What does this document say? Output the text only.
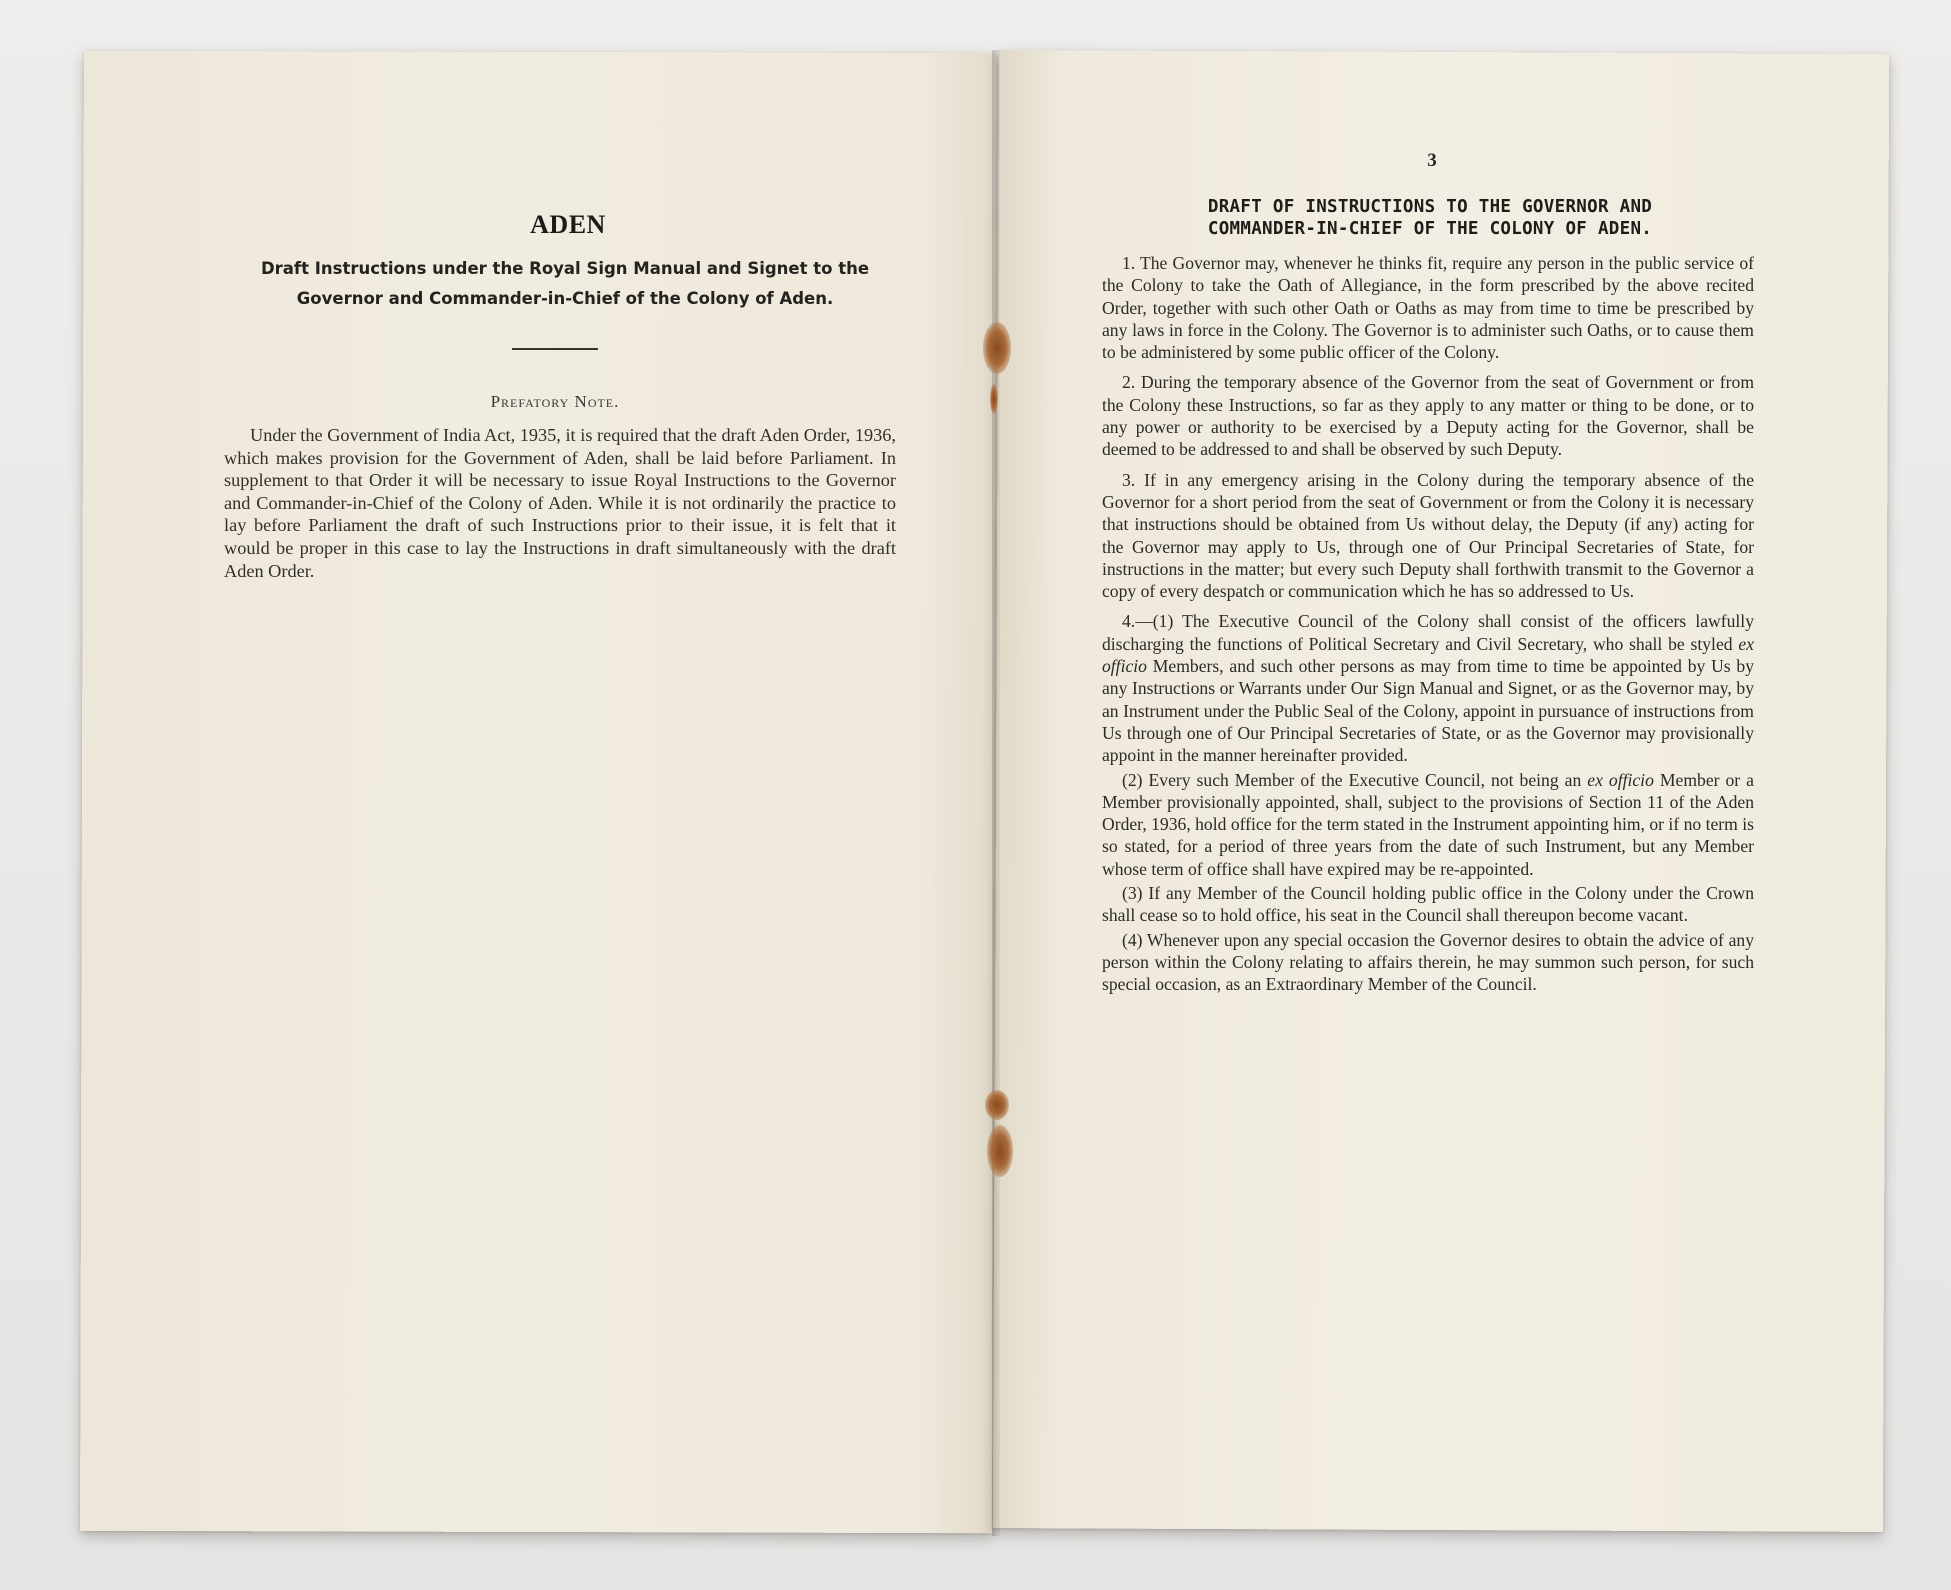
ADEN
Draft Instructions under the Royal Sign Manual and Signet to the
Governor and Commander-in-Chief of the Colony of Aden.
Prefatory Note.
Under the Government of India Act, 1935, it is required that the draft Aden Order, 1936, which makes provision for the Government of Aden, shall be laid before Parliament. In supplement to that Order it will be necessary to issue Royal Instructions to the Governor and Commander-in-Chief of the Colony of Aden. While it is not ordinarily the practice to lay before Parliament the draft of such Instructions prior to their issue, it is felt that it would be proper in this case to lay the Instructions in draft simultaneously with the draft Aden Order.
3
DRAFT OF INSTRUCTIONS TO THE GOVERNOR AND
COMMANDER-IN-CHIEF OF THE COLONY OF ADEN.

1. The Governor may, whenever he thinks fit, require any person in the public service of the Colony to take the Oath of Allegiance, in the form prescribed by the above recited Order, together with such other Oath or Oaths as may from time to time be prescribed by any laws in force in the Colony. The Governor is to administer such Oaths, or to cause them to be administered by some public officer of the Colony.

2. During the temporary absence of the Governor from the seat of Government or from the Colony these Instructions, so far as they apply to any matter or thing to be done, or to any power or authority to be exercised by a Deputy acting for the Governor, shall be deemed to be addressed to and shall be observed by such Deputy.

3. If in any emergency arising in the Colony during the temporary absence of the Governor for a short period from the seat of Government or from the Colony it is necessary that instructions should be obtained from Us without delay, the Deputy (if any) acting for the Governor may apply to Us, through one of Our Principal Secretaries of State, for instructions in the matter; but every such Deputy shall forthwith transmit to the Governor a copy of every despatch or communication which he has so addressed to Us.

4.—(1) The Executive Council of the Colony shall consist of the officers lawfully discharging the functions of Political Secretary and Civil Secretary, who shall be styled ex officio Members, and such other persons as may from time to time be appointed by Us by any Instructions or Warrants under Our Sign Manual and Signet, or as the Governor may, by an Instrument under the Public Seal of the Colony, appoint in pursuance of instructions from Us through one of Our Principal Secretaries of State, or as the Governor may provisionally appoint in the manner hereinafter provided.

(2) Every such Member of the Executive Council, not being an ex officio Member or a Member provisionally appointed, shall, subject to the provisions of Section 11 of the Aden Order, 1936, hold office for the term stated in the Instrument appointing him, or if no term is so stated, for a period of three years from the date of such Instrument, but any Member whose term of office shall have expired may be re-appointed.

(3) If any Member of the Council holding public office in the Colony under the Crown shall cease so to hold office, his seat in the Council shall thereupon become vacant.

(4) Whenever upon any special occasion the Governor desires to obtain the advice of any person within the Colony relating to affairs therein, he may summon such person, for such special occasion, as an Extraordinary Member of the Council.
